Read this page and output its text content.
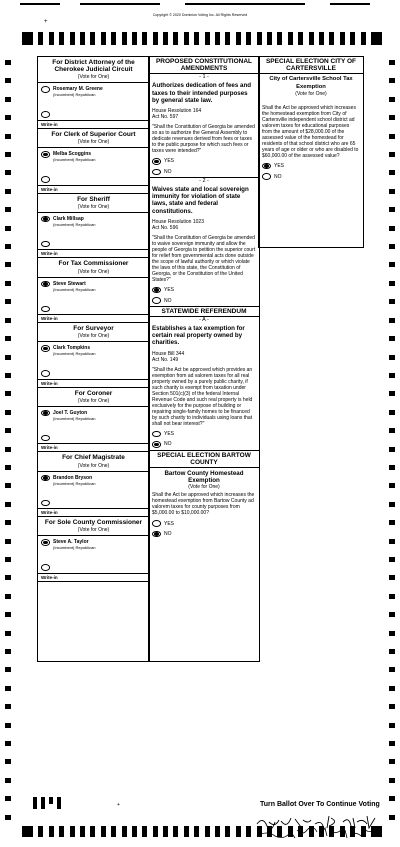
Copyright © 2020 Dominion Voting Inc. All Rights Reserved
+
For District Attorney of the Cherokee Judicial Circuit
(Vote for One)
Rosemary M. Greene
(Incumbent) Republican
Write-in
For Clerk of Superior Court
(Vote for One)
Melba Scoggins
(Incumbent) Republican
Write-in
For Sheriff
(Vote for One)
Clark Millsap
(Incumbent) Republican
Write-in
For Tax Commissioner
(Vote for One)
Steve Stewart
(Incumbent) Republican
Write-in
For Surveyor
(Vote for One)
Clark Tompkins
(Incumbent) Republican
Write-in
For Coroner
(Vote for One)
Joel T. Guyton
(Incumbent) Republican
Write-in
For Chief Magistrate
(Vote for One)
Brandon Bryson
(Incumbent) Republican
Write-in
For Sole County Commissioner
(Vote for One)
Steve A. Taylor
(Incumbent) Republican
Write-in
PROPOSED CONSTITUTIONAL AMENDMENTS
- 1 -
Authorizes dedication of fees and taxes to their intended purposes by general state law.
House Resolution 164
Act No. 597
"Shall the Constitution of Georgia be amended so as to authorize the General Assembly to dedicate revenues derived from fees or taxes to the public purpose for which such fees or taxes were intended?"
YES
NO
- 2 -
Waives state and local sovereign immunity for violation of state laws, state and federal constitutions.
House Resolution 1023
Act No. 596
"Shall the Constitution of Georgia be amended to waive sovereign immunity and allow the people of Georgia to petition the superior court for relief from governmental acts done outside the scope of lawful authority or which violate the laws of this state, the Constitution of Georgia, or the Constitution of the United States?"
YES
NO
STATEWIDE REFERENDUM
- A -
Establishes a tax exemption for certain real property owned by charities.
House Bill 344
Act No. 149
"Shall the Act be approved which provides an exemption from ad valorem taxes for all real property owned by a purely public charity, if such charity is exempt from taxation under Section 501(c)(3) of the federal Internal Revenue Code and such real property is held exclusively for the purpose of building or repairing single-family homes to be financed by such charity to individuals using loans that shall not bear interest?"
YES
NO
SPECIAL ELECTION BARTOW COUNTY
Bartow County Homestead Exemption
(Vote for One)
Shall the Act be approved which increases the homestead exemption from Bartow County ad valorem taxes for county purposes from $5,000.00 to $10,000.00?
YES
NO
SPECIAL ELECTION CITY OF CARTERSVILLE
City of Cartersville School Tax Exemption
(Vote for One)
Shall the Act be approved which increases the homestead exemption from City of Cartersville independent school district ad valorem taxes for educational purposes from the amount of $28,000.00 of the assessed value of the homestead for residents of that school district who are 65 years of age or older or who are disabled to $60,000.00 of the assessed value?
YES
NO
+	Turn Ballot Over To Continue Voting
